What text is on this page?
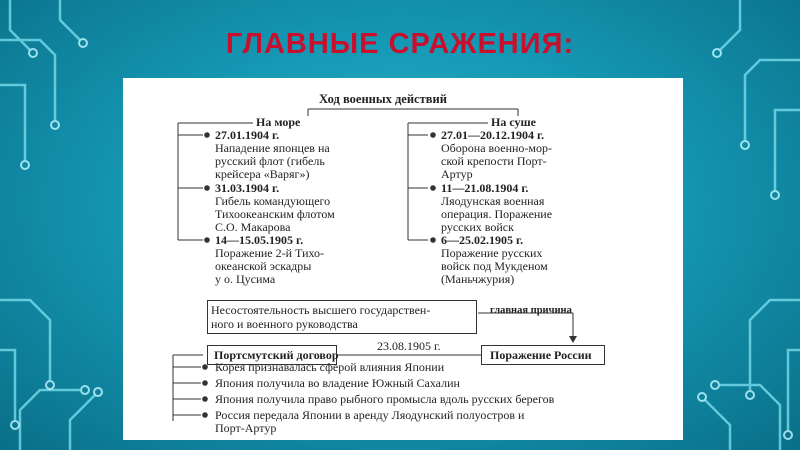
ГЛАВНЫЕ СРАЖЕНИЯ:
Ход военных действий
На море	На суше
27.01.1904 г.
Нападение японцев на
русский флот (гибель
крейсера «Варяг»)
31.03.1904 г.
Гибель командующего
Тихоокеанским флотом
С.О. Макарова
14—15.05.1905 г.
Поражение 2-й Тихо-
океанской эскадры
у о. Цусима
27.01—20.12.1904 г.
Оборона военно-мор-
ской крепости Порт-
Артур
11—21.08.1904 г.
Ляодунская военная
операция. Поражение
русских войск
6—25.02.1905 г.
Поражение русских
войск под Мукденом
(Маньчжурия)
Несостоятельность высшего государствен-
ного и военного руководства
главная причина
Портсмутский договор
23.08.1905 г.
Поражение России
Корея признавалась сферой влияния Японии
Япония получила во владение Южный Сахалин
Япония получила право рыбного промысла вдоль русских берегов
Россия передала Японии в аренду Ляодунский полуостров и
Порт-Артур
